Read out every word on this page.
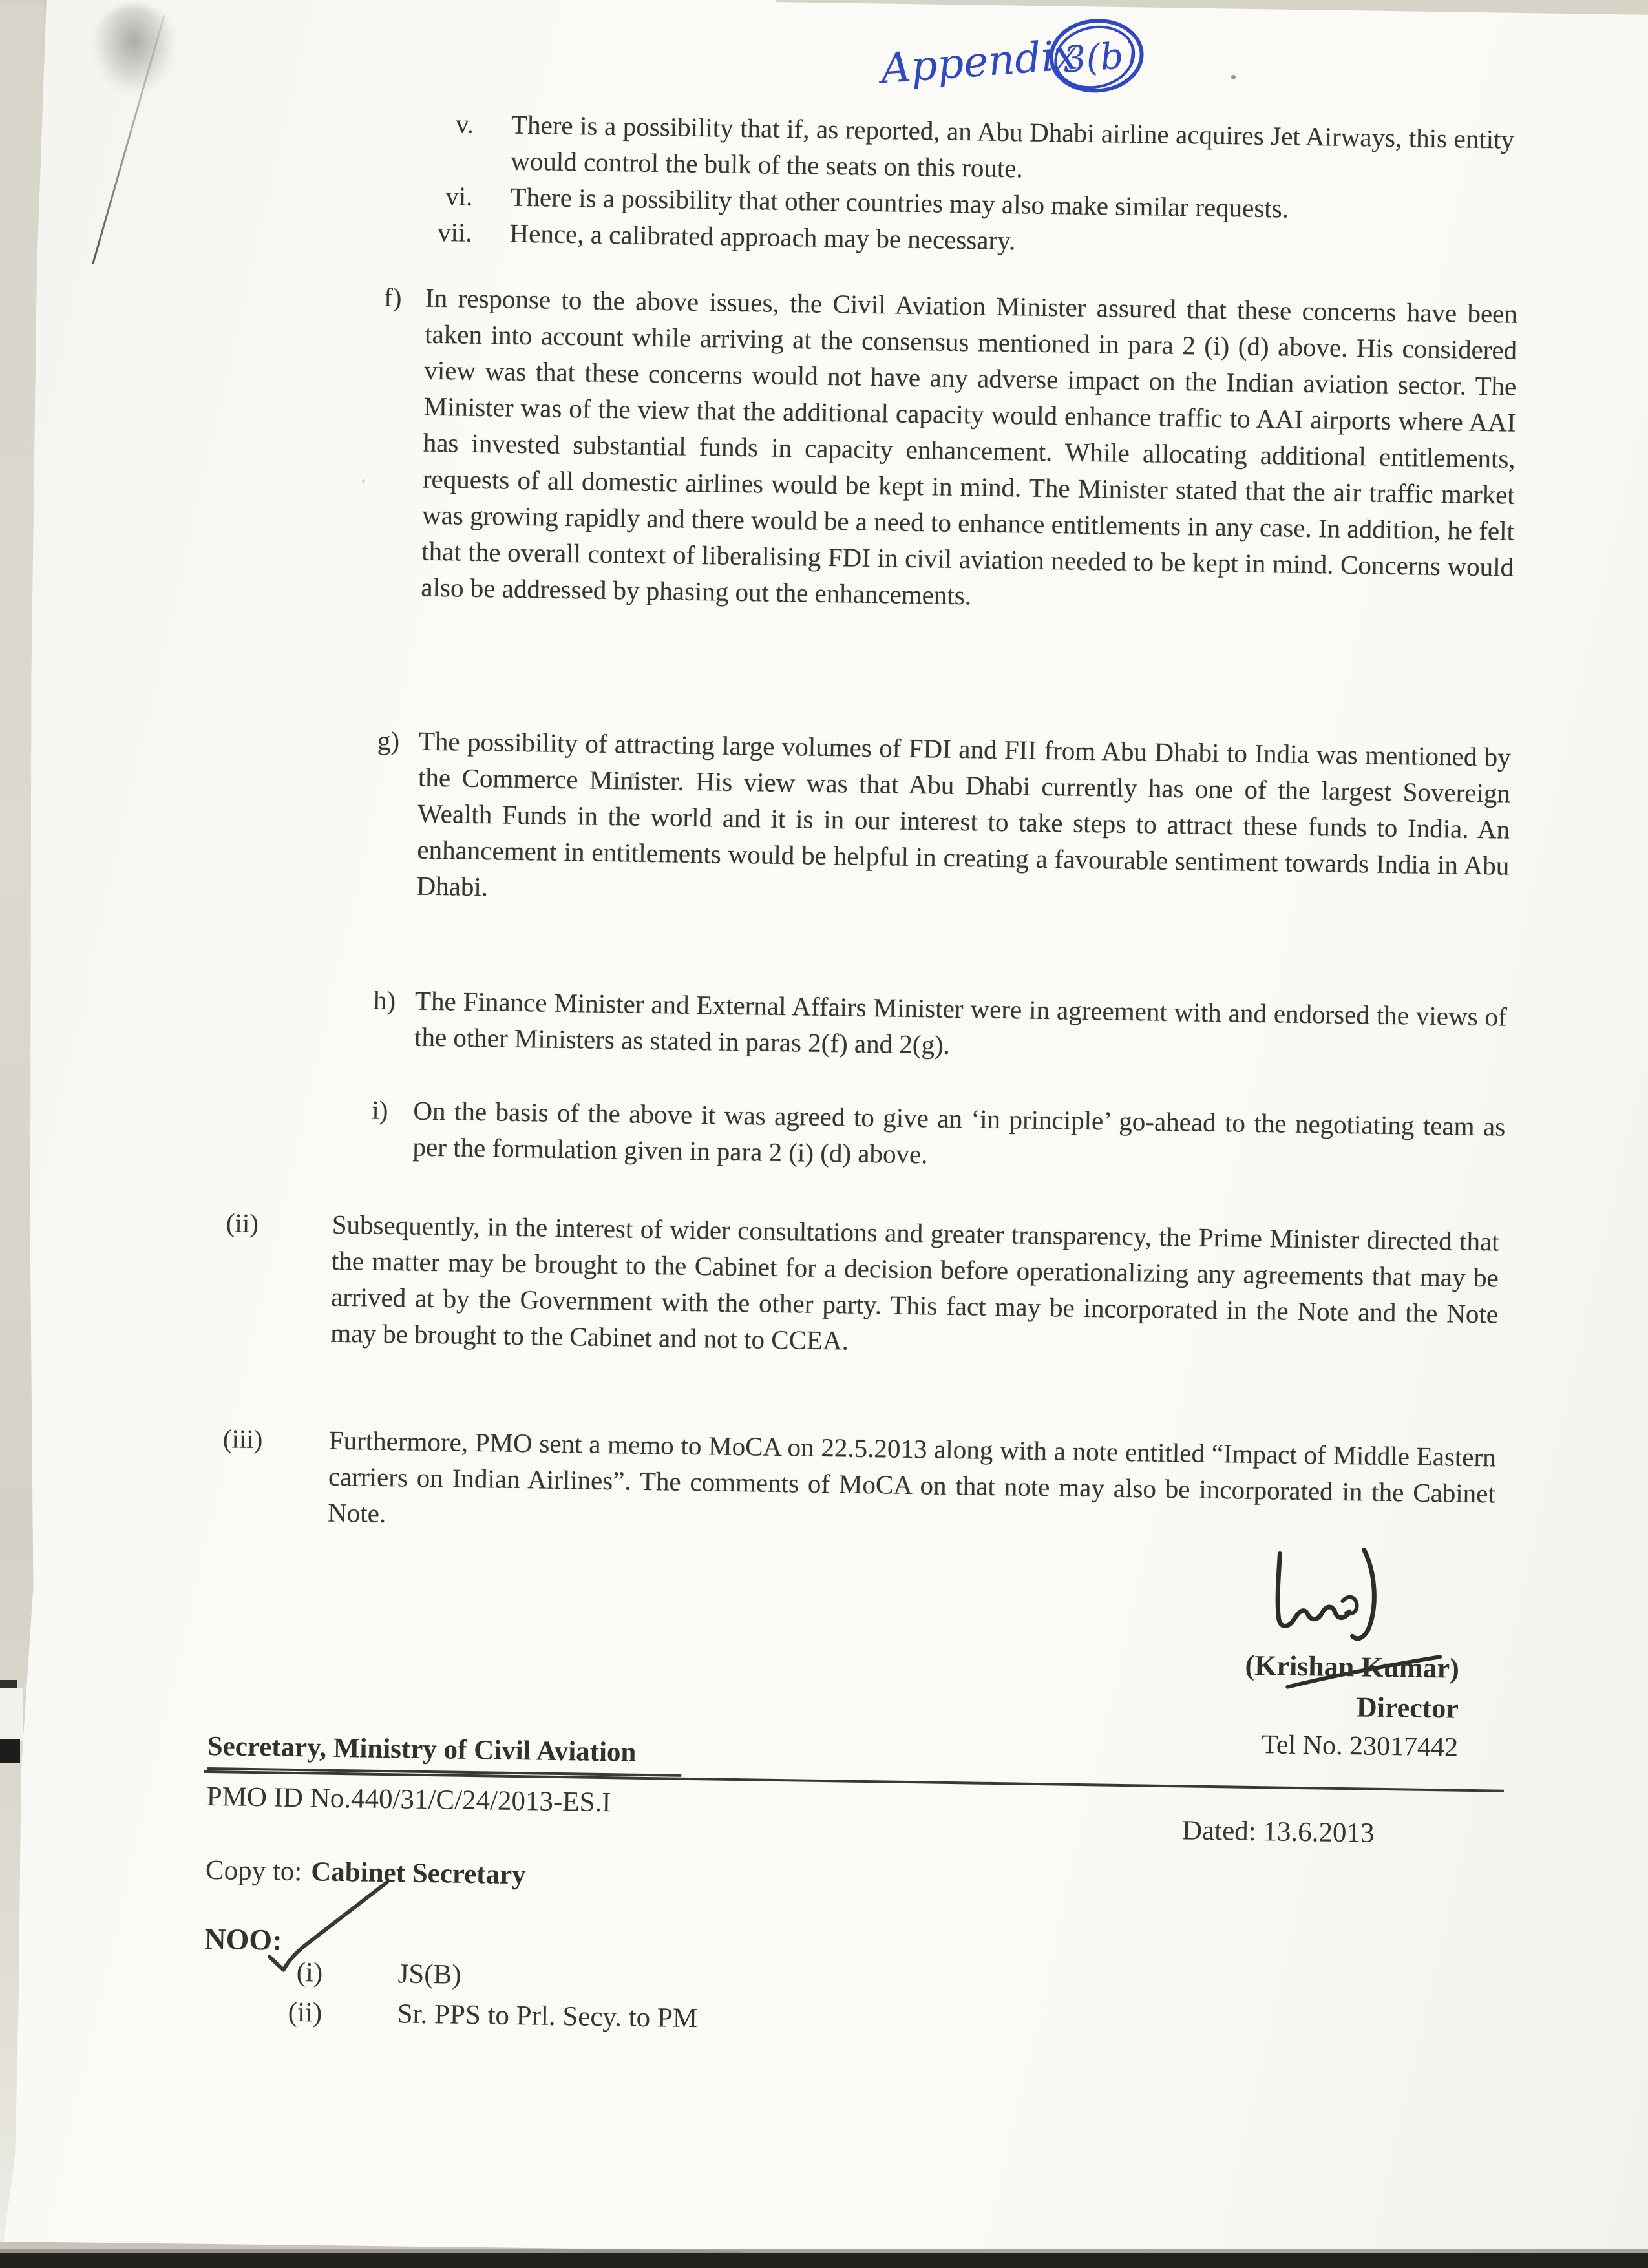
Appendix
3(b)
v. There is a possibility that if, as reported, an Abu Dhabi airline acquires Jet Airways, this entity would control the bulk of the seats on this route.
vi. There is a possibility that other countries may also make similar requests.
vii. Hence, a calibrated approach may be necessary.
f) In response to the above issues, the Civil Aviation Minister assured that these concerns have been taken into account while arriving at the consensus mentioned in para 2 (i) (d) above. His considered view was that these concerns would not have any adverse impact on the Indian aviation sector. The Minister was of the view that the additional capacity would enhance traffic to AAI airports where AAI has invested substantial funds in capacity enhancement. While allocating additional entitlements, requests of all domestic airlines would be kept in mind. The Minister stated that the air traffic market was growing rapidly and there would be a need to enhance entitlements in any case. In addition, he felt that the overall context of liberalising FDI in civil aviation needed to be kept in mind. Concerns would also be addressed by phasing out the enhancements.
g) The possibility of attracting large volumes of FDI and FII from Abu Dhabi to India was mentioned by the Commerce Minister. His view was that Abu Dhabi currently has one of the largest Sovereign Wealth Funds in the world and it is in our interest to take steps to attract these funds to India. An enhancement in entitlements would be helpful in creating a favourable sentiment towards India in Abu Dhabi.
h) The Finance Minister and External Affairs Minister were in agreement with and endorsed the views of the other Ministers as stated in paras 2(f) and 2(g).
i) On the basis of the above it was agreed to give an ‘in principle’ go-ahead to the negotiating team as per the formulation given in para 2 (i) (d) above.
(ii)	Subsequently, in the interest of wider consultations and greater transparency, the Prime Minister directed that the matter may be brought to the Cabinet for a decision before operationalizing any agreements that may be arrived at by the Government with the other party. This fact may be incorporated in the Note and the Note may be brought to the Cabinet and not to CCEA.
(iii)	Furthermore, PMO sent a memo to MoCA on 22.5.2013 along with a note entitled “Impact of Middle Eastern carriers on Indian Airlines”. The comments of MoCA on that note may also be incorporated in the Cabinet Note.
(Krishan Kumar)
Director
Tel No. 23017442
Secretary, Ministry of Civil Aviation
PMO ID No.440/31/C/24/2013-ES.I
Dated: 13.6.2013
Copy to: Cabinet Secretary
NOO:
(i)	JS(B)
(ii)	Sr. PPS to Prl. Secy. to PM
